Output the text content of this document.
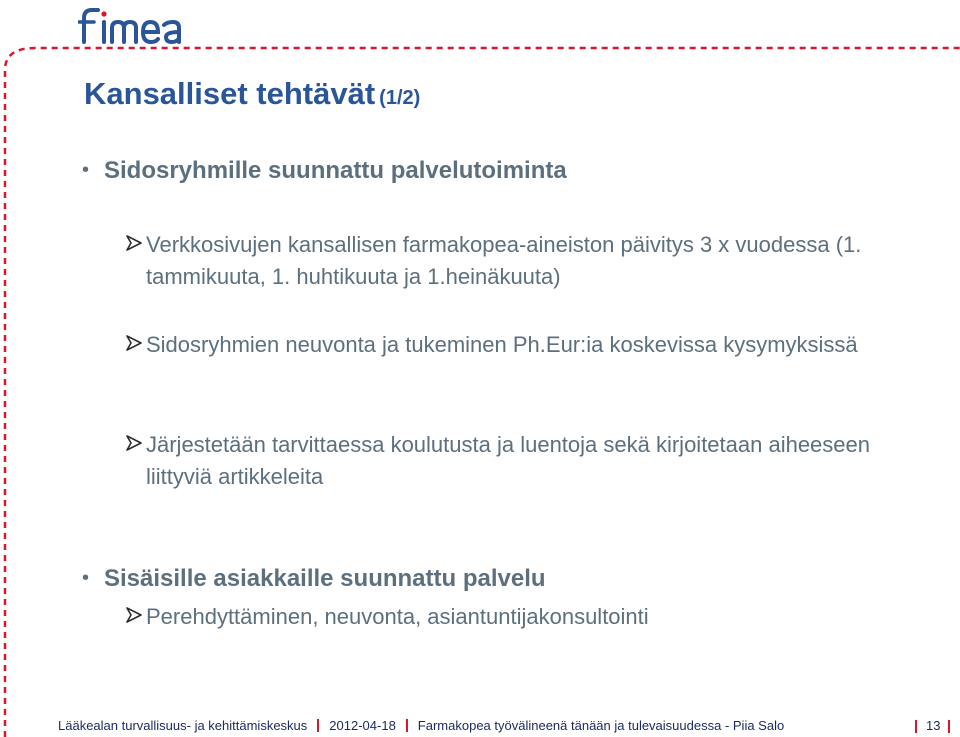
Kansalliset tehtävät (1/2)
• Sidosryhmille suunnattu palvelutoiminta
Verkkosivujen kansallisen farmakopea-aineiston päivitys 3 x vuodessa (1. tammikuuta, 1. huhtikuuta ja 1.heinäkuuta)
Sidosryhmien neuvonta ja tukeminen Ph.Eur:ia koskevissa kysymyksissä
Järjestetään tarvittaessa koulutusta ja luentoja sekä kirjoitetaan aiheeseen liittyviä artikkeleita
• Sisäisille asiakkaille suunnattu palvelu
Perehdyttäminen, neuvonta, asiantuntijakonsultointi
Lääkealan turvallisuus- ja kehittämiskeskus 2012-04-18 Farmakopea työvälineenä tänään ja tulevaisuudessa - Piia Salo	13
